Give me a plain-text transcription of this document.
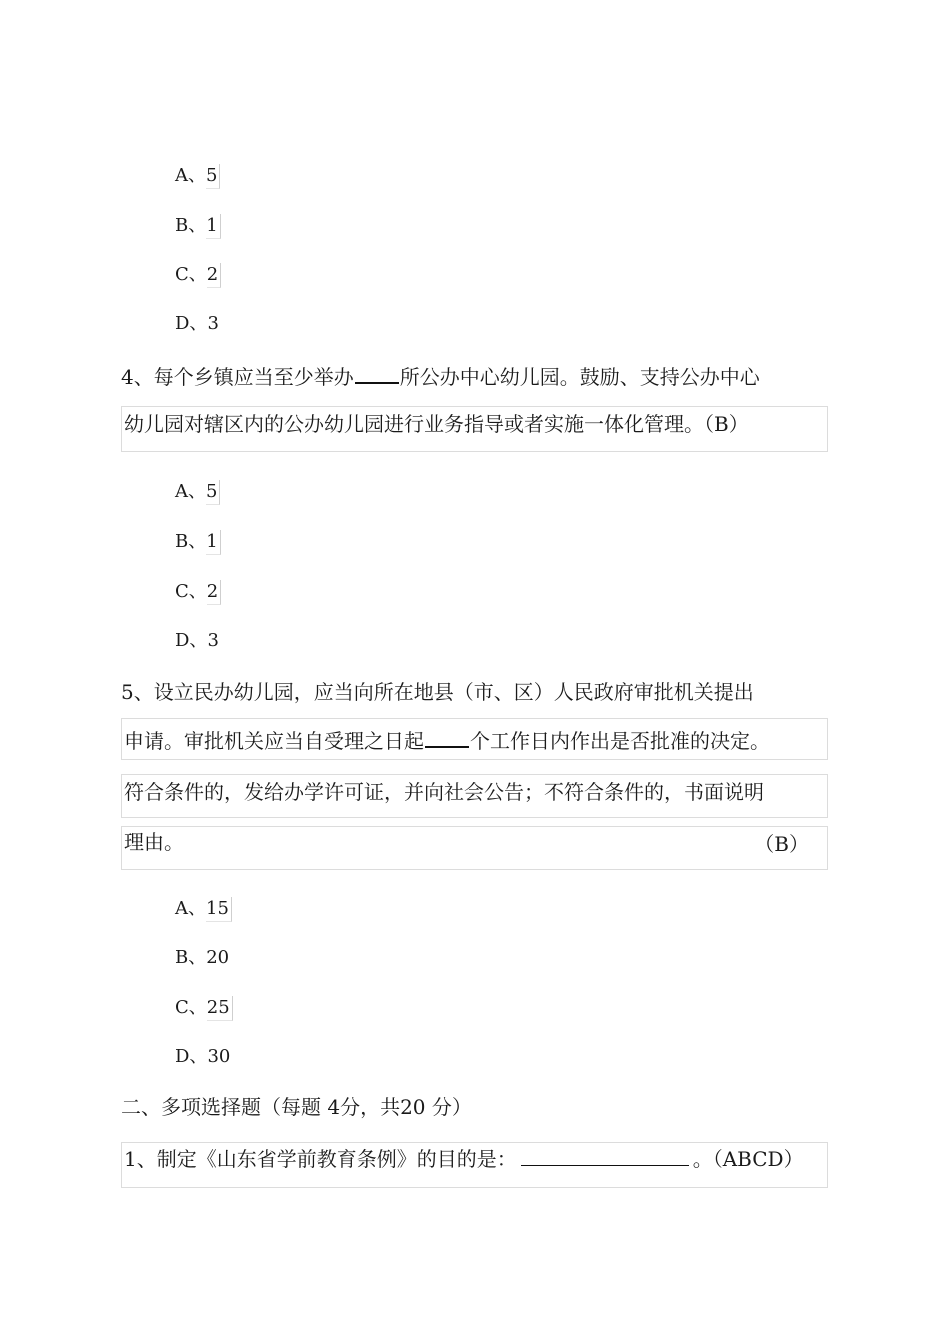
A、5
B、1
C、2
D、3
4、每个乡镇应当至少举办 所公办中心幼儿园。鼓励、支持公办中心
幼儿园对辖区内的公办幼儿园进行业务指导或者实施一体化管理。（B）
A、5
B、1
C、2
D、3
5、设立民办幼儿园，应当向所在地县（市、区）人民政府审批机关提出
申请。审批机关应当自受理之日起 个工作日内作出是否批准的决定。
符合条件的，发给办学许可证，并向社会公告；不符合条件的，书面说明
理由。	（B）
A、15
B、20
C、25
D、30
二、多项选择题（每题 4分，共20 分）
1、制定《山东省学前教育条例》的目的是：	。（ABCD）
